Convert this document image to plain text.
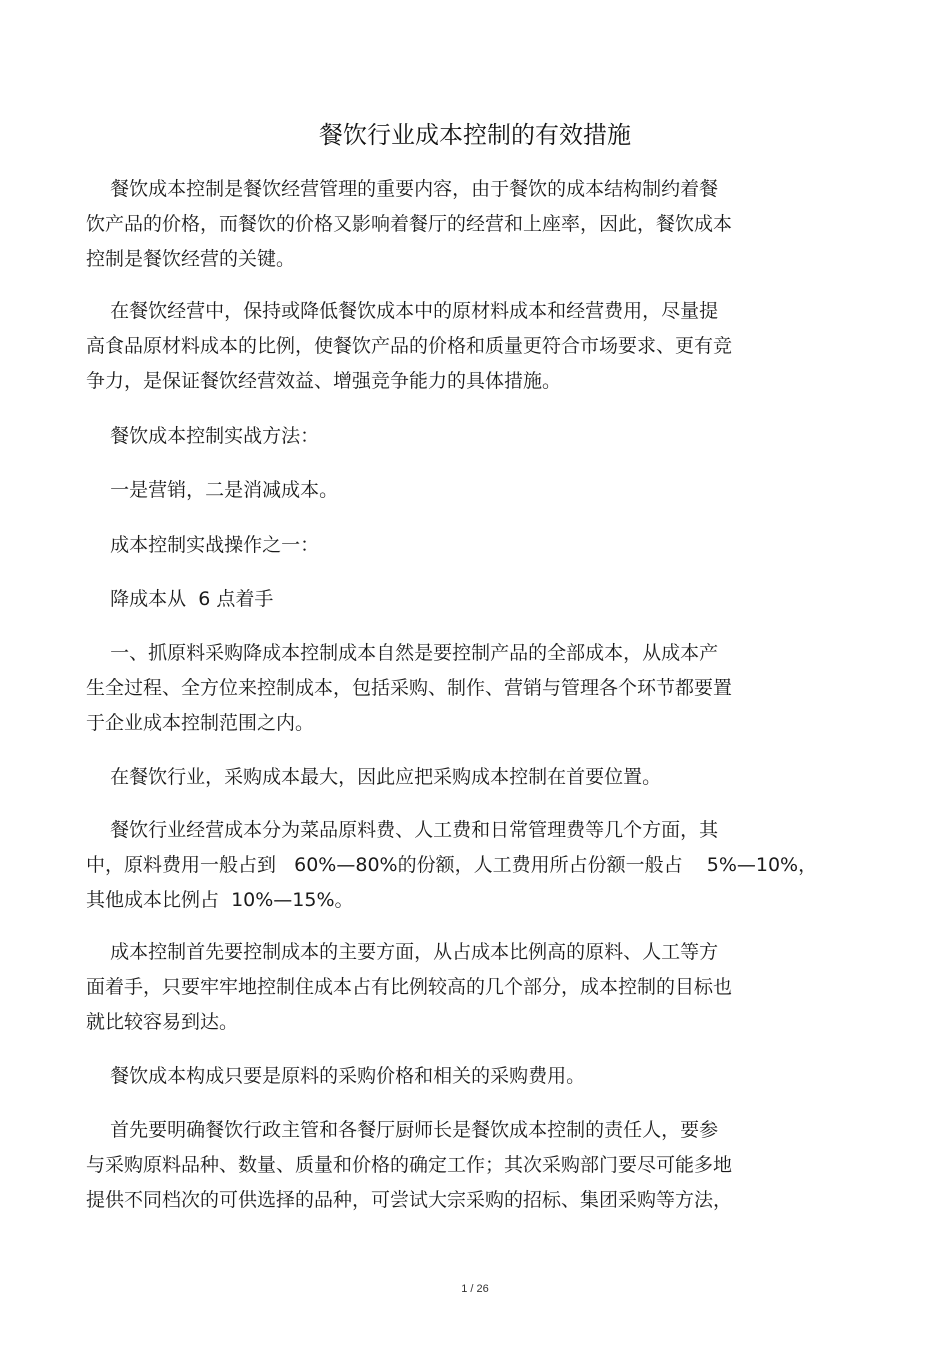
餐饮行业成本控制的有效措施
餐饮成本控制是餐饮经营管理的重要内容，由于餐饮的成本结构制约着餐
饮产品的价格，而餐饮的价格又影响着餐厅的经营和上座率，因此，餐饮成本
控制是餐饮经营的关键。
在餐饮经营中，保持或降低餐饮成本中的原材料成本和经营费用，尽量提
高食品原材料成本的比例，使餐饮产品的价格和质量更符合市场要求、更有竞
争力，是保证餐饮经营效益、增强竞争能力的具体措施。
餐饮成本控制实战方法：
一是营销，二是消减成本。
成本控制实战操作之一：
降成本从  6 点着手
一、抓原料采购降成本控制成本自然是要控制产品的全部成本，从成本产
生全过程、全方位来控制成本，包括采购、制作、营销与管理各个环节都要置
于企业成本控制范围之内。
在餐饮行业，采购成本最大，因此应把采购成本控制在首要位置。
餐饮行业经营成本分为菜品原料费、人工费和日常管理费等几个方面，其
中，原料费用一般占到   60%—80%的份额，人工费用所占份额一般占    5%—10%，
其他成本比例占  10%—15%。
成本控制首先要控制成本的主要方面，从占成本比例高的原料、人工等方
面着手，只要牢牢地控制住成本占有比例较高的几个部分，成本控制的目标也
就比较容易到达。
餐饮成本构成只要是原料的采购价格和相关的采购费用。
首先要明确餐饮行政主管和各餐厅厨师长是餐饮成本控制的责任人，要参
与采购原料品种、数量、质量和价格的确定工作；其次采购部门要尽可能多地
提供不同档次的可供选择的品种，可尝试大宗采购的招标、集团采购等方法，
1 / 26
